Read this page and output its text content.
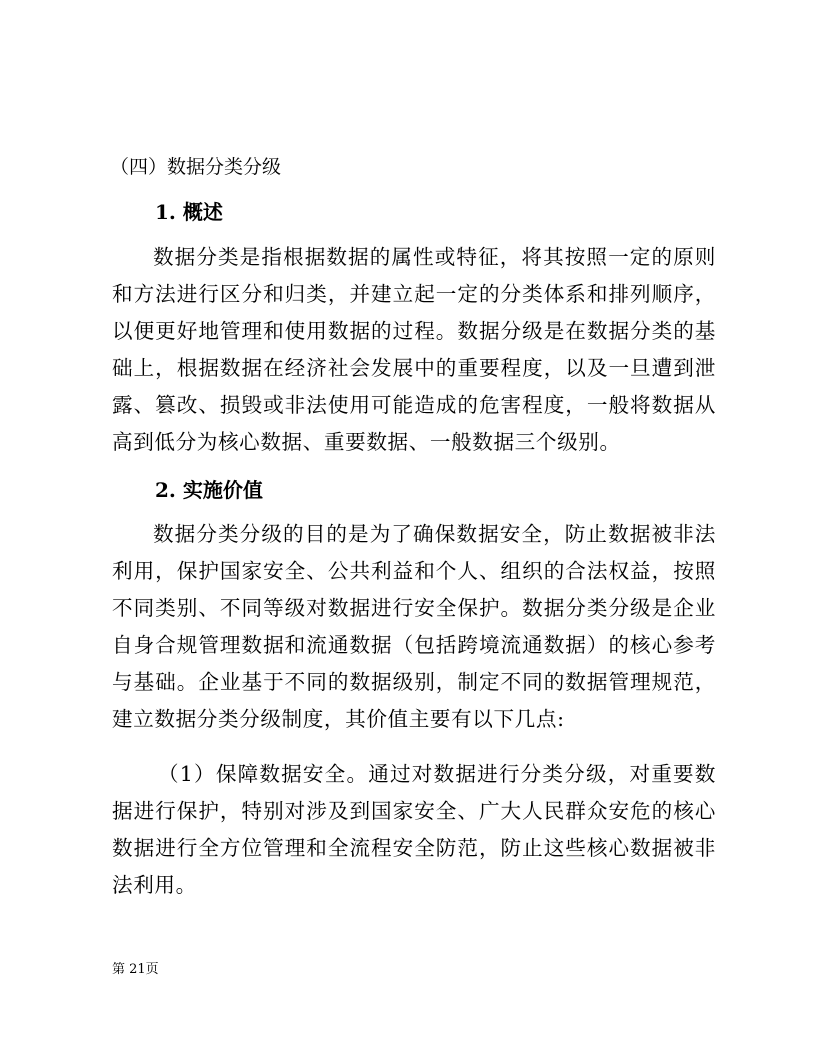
（四）数据分类分级
1. 概述

数据分类是指根据数据的属性或特征，将其按照一定的原则和方法进行区分和归类，并建立起一定的分类体系和排列顺序，以便更好地管理和使用数据的过程。数据分级是在数据分类的基础上，根据数据在经济社会发展中的重要程度，以及一旦遭到泄露、篡改、损毁或非法使用可能造成的危害程度，一般将数据从高到低分为核心数据、重要数据、一般数据三个级别。

2. 实施价值

数据分类分级的目的是为了确保数据安全，防止数据被非法利用，保护国家安全、公共利益和个人、组织的合法权益，按照不同类别、不同等级对数据进行安全保护。数据分类分级是企业自身合规管理数据和流通数据（包括跨境流通数据）的核心参考与基础。企业基于不同的数据级别，制定不同的数据管理规范，建立数据分类分级制度，其价值主要有以下几点:

（1）保障数据安全。通过对数据进行分类分级，对重要数据进行保护，特别对涉及到国家安全、广大人民群众安危的核心数据进行全方位管理和全流程安全防范，防止这些核心数据被非法利用。

第 21页
